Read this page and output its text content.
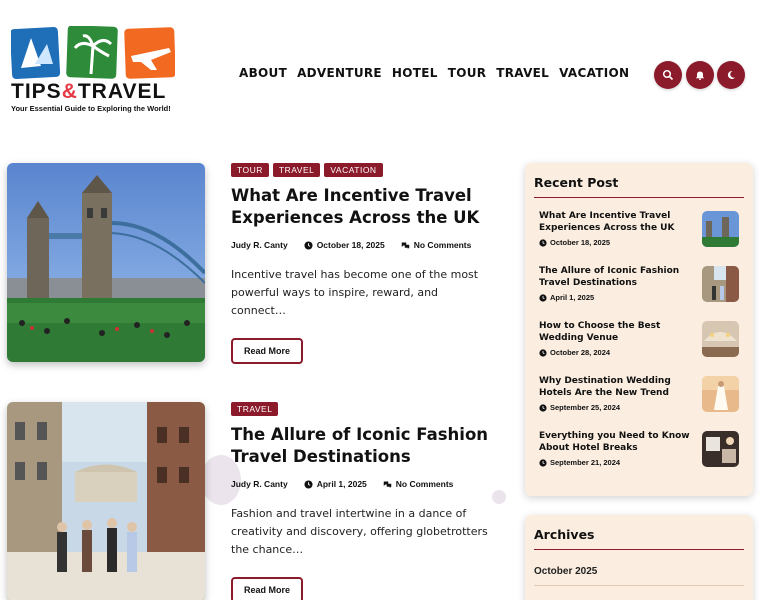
TIPS&TRAVEL
Your Essential Guide to Exploring the World!
ABOUT ADVENTURE HOTEL TOUR TRAVEL VACATION
TOUR	TRAVEL	VACATION
What Are Incentive Travel Experiences Across the UK
Judy R. Canty	October 18, 2025	No Comments

Incentive travel has become one of the most powerful ways to inspire, reward, and connect…

Read More
TRAVEL
The Allure of Iconic Fashion Travel Destinations
Judy R. Canty	April 1, 2025	No Comments

Fashion and travel intertwine in a dance of creativity and discovery, offering globetrotters the chance…

Read More
Recent Post
What Are Incentive Travel Experiences Across the UK
October 18, 2025
The Allure of Iconic Fashion Travel Destinations
April 1, 2025
How to Choose the Best Wedding Venue
October 28, 2024
Why Destination Wedding Hotels Are the New Trend
September 25, 2024
Everything you Need to Know About Hotel Breaks
September 21, 2024
Archives
October 2025
